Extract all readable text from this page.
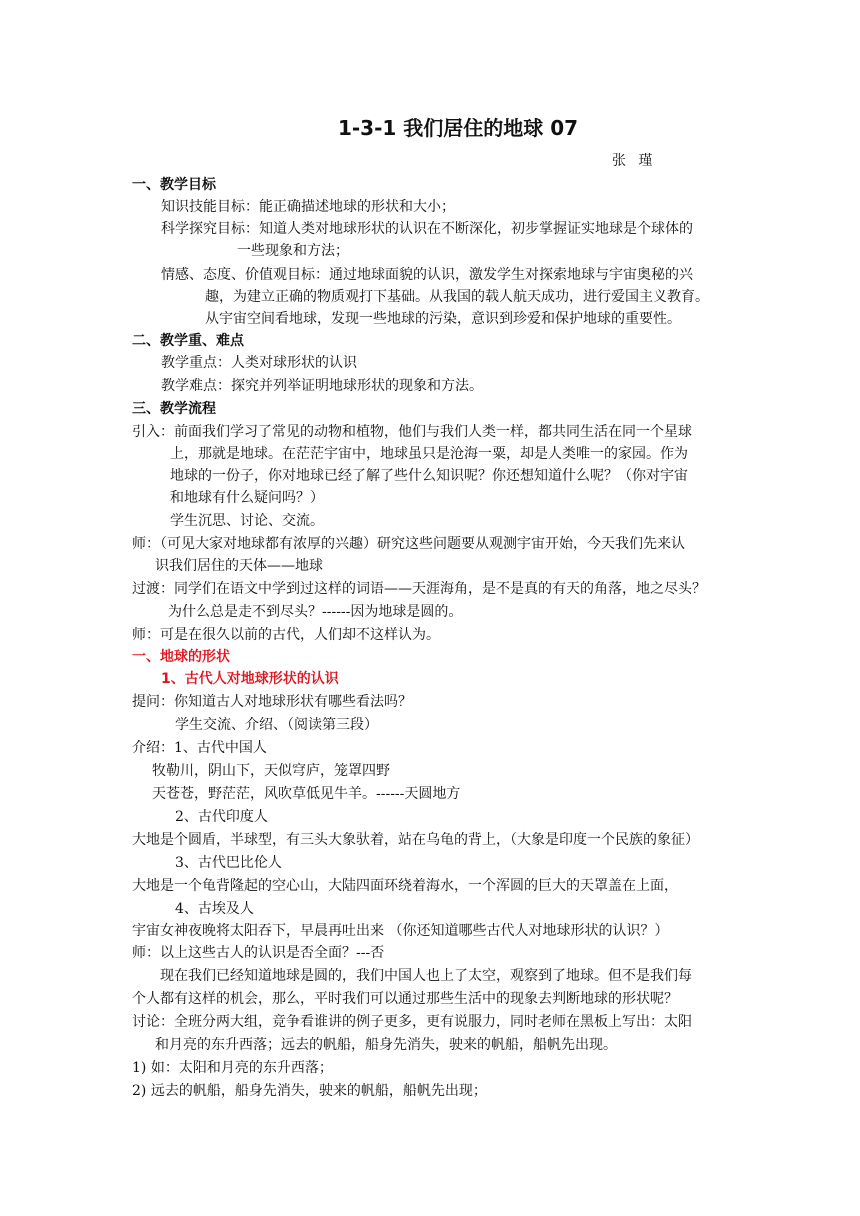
1-3-1 我们居住的地球 07
张 瑾
一、教学目标
知识技能目标：能正确描述地球的形状和大小；
科学探究目标：知道人类对地球形状的认识在不断深化，初步掌握证实地球是个球体的
一些现象和方法；
情感、态度、价值观目标：通过地球面貌的认识，激发学生对探索地球与宇宙奥秘的兴
趣，为建立正确的物质观打下基础。从我国的载人航天成功，进行爱国主义教育。
从宇宙空间看地球，发现一些地球的污染，意识到珍爱和保护地球的重要性。
二、教学重、难点
教学重点：人类对球形状的认识
教学难点：探究并列举证明地球形状的现象和方法。
三、教学流程
引入：前面我们学习了常见的动物和植物，他们与我们人类一样，都共同生活在同一个星球
上，那就是地球。在茫茫宇宙中，地球虽只是沧海一粟，却是人类唯一的家园。作为
地球的一份子，你对地球已经了解了些什么知识呢？你还想知道什么呢？（你对宇宙
和地球有什么疑问吗？）
学生沉思、讨论、交流。
师：（可见大家对地球都有浓厚的兴趣）研究这些问题要从观测宇宙开始，今天我们先来认
识我们居住的天体——地球
过渡：同学们在语文中学到过这样的词语——天涯海角，是不是真的有天的角落，地之尽头？
为什么总是走不到尽头？------因为地球是圆的。
师：可是在很久以前的古代，人们却不这样认为。
一、地球的形状
1、古代人对地球形状的认识
提问：你知道古人对地球形状有哪些看法吗？
学生交流、介绍、（阅读第三段）
介绍：1、古代中国人
牧勒川，阴山下，天似穹庐，笼罩四野
天苍苍，野茫茫，风吹草低见牛羊。------天圆地方
2、古代印度人
大地是个圆盾，半球型，有三头大象驮着，站在乌龟的背上，（大象是印度一个民族的象征）
3、古代巴比伦人
大地是一个龟背隆起的空心山，大陆四面环绕着海水，一个浑圆的巨大的天罩盖在上面，
4、古埃及人
宇宙女神夜晚将太阳吞下，早晨再吐出来 （你还知道哪些古代人对地球形状的认识？）
师：以上这些古人的认识是否全面？---否
现在我们已经知道地球是圆的，我们中国人也上了太空，观察到了地球。但不是我们每
个人都有这样的机会，那么，平时我们可以通过那些生活中的现象去判断地球的形状呢？
讨论：全班分两大组，竞争看谁讲的例子更多，更有说服力，同时老师在黑板上写出：太阳
和月亮的东升西落；远去的帆船，船身先消失，驶来的帆船，船帆先出现。
1) 如：太阳和月亮的东升西落；
2) 远去的帆船，船身先消失，驶来的帆船，船帆先出现；
